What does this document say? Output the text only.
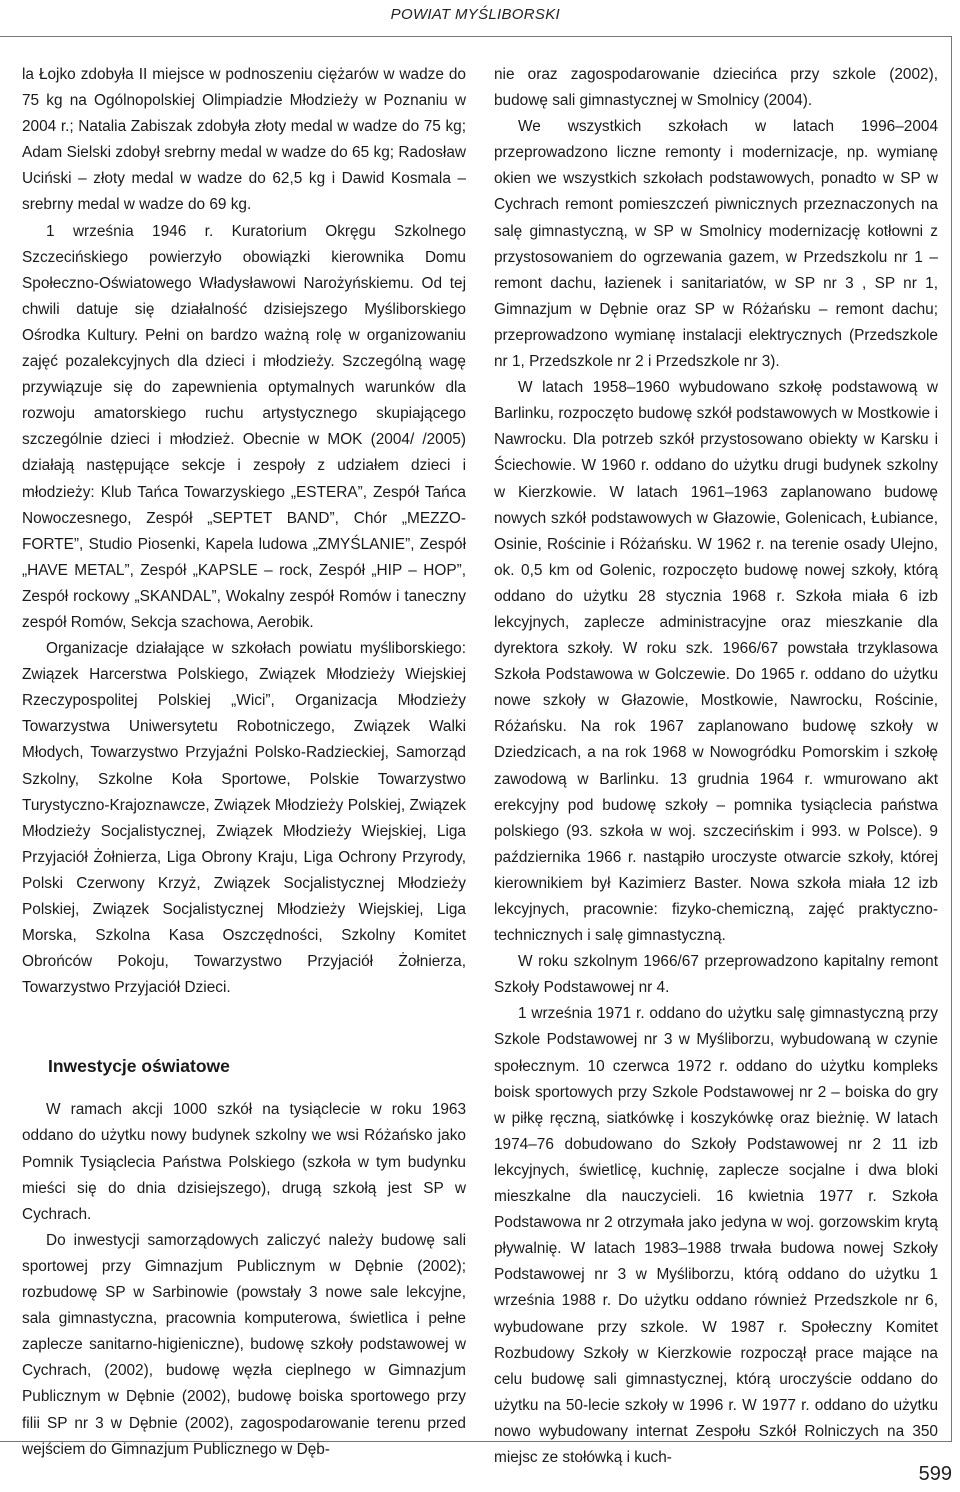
POWIAT MYŚLIBORSKI

la Łojko zdobyła II miejsce w podnoszeniu ciężarów w wadze do 75 kg na Ogólnopolskiej Olimpiadzie Młodzieży w Poznaniu w 2004 r.; Natalia Zabiszak zdobyła złoty medal w wadze do 75 kg; Adam Sielski zdobył srebrny medal w wadze do 65 kg; Radosław Uciński – złoty medal w wadze do 62,5 kg i Dawid Kosmala – srebrny medal w wadze do 69 kg.

1 września 1946 r. Kuratorium Okręgu Szkolnego Szczecińskiego powierzyło obowiązki kierownika Domu Społeczno-Oświatowego Władysławowi Narożyńskiemu. Od tej chwili datuje się działalność dzisiejszego Myśliborskiego Ośrodka Kultury. Pełni on bardzo ważną rolę w organizowaniu zajęć pozalekcyjnych dla dzieci i młodzieży. Szczególną wagę przywiązuje się do zapewnienia optymalnych warunków dla rozwoju amatorskiego ruchu artystycznego skupiającego szczególnie dzieci i młodzież. Obecnie w MOK (2004/ /2005) działają następujące sekcje i zespoły z udziałem dzieci i młodzieży: Klub Tańca Towarzyskiego „ESTERA”, Zespół Tańca Nowoczesnego, Zespół „SEPTET BAND”, Chór „MEZZO-FORTE”, Studio Piosenki, Kapela ludowa „ZMYŚLANIE”, Zespół „HAVE METAL”, Zespół „KAPSLE – rock, Zespół „HIP – HOP”, Zespół rockowy „SKANDAL”, Wokalny zespół Romów i taneczny zespół Romów, Sekcja szachowa, Aerobik.

Organizacje działające w szkołach powiatu myśliborskiego: Związek Harcerstwa Polskiego, Związek Młodzieży Wiejskiej Rzeczypospolitej Polskiej „Wici”, Organizacja Młodzieży Towarzystwa Uniwersytetu Robotniczego, Związek Walki Młodych, Towarzystwo Przyjaźni Polsko-Radzieckiej, Samorząd Szkolny, Szkolne Koła Sportowe, Polskie Towarzystwo Turystyczno-Krajoznawcze, Związek Młodzieży Polskiej, Związek Młodzieży Socjalistycznej, Związek Młodzieży Wiejskiej, Liga Przyjaciół Żołnierza, Liga Obrony Kraju, Liga Ochrony Przyrody, Polski Czerwony Krzyż, Związek Socjalistycznej Młodzieży Polskiej, Związek Socjalistycznej Młodzieży Wiejskiej, Liga Morska, Szkolna Kasa Oszczędności, Szkolny Komitet Obrońców Pokoju, Towarzystwo Przyjaciół Żołnierza, Towarzystwo Przyjaciół Dzieci.

Inwestycje oświatowe

W ramach akcji 1000 szkół na tysiąclecie w roku 1963 oddano do użytku nowy budynek szkolny we wsi Różańsko jako Pomnik Tysiąclecia Państwa Polskiego (szkoła w tym budynku mieści się do dnia dzisiejszego), drugą szkołą jest SP w Cychrach.

Do inwestycji samorządowych zaliczyć należy budowę sali sportowej przy Gimnazjum Publicznym w Dębnie (2002); rozbudowę SP w Sarbinowie (powstały 3 nowe sale lekcyjne, sala gimnastyczna, pracownia komputerowa, świetlica i pełne zaplecze sanitarno-higieniczne), budowę szkoły podstawowej w Cychrach, (2002), budowę węzła cieplnego w Gimnazjum Publicznym w Dębnie (2002), budowę boiska sportowego przy filii SP nr 3 w Dębnie (2002), zagospodarowanie terenu przed wejściem do Gimnazjum Publicznego w Dęb-

nie oraz zagospodarowanie dziecińca przy szkole (2002), budowę sali gimnastycznej w Smolnicy (2004).

We wszystkich szkołach w latach 1996–2004 przeprowadzono liczne remonty i modernizacje, np. wymianę okien we wszystkich szkołach podstawowych, ponadto w SP w Cychrach remont pomieszczeń piwnicznych przeznaczonych na salę gimnastyczną, w SP w Smolnicy modernizację kotłowni z przystosowaniem do ogrzewania gazem, w Przedszkolu nr 1 – remont dachu, łazienek i sanitariatów, w SP nr 3 , SP nr 1, Gimnazjum w Dębnie oraz SP w Różańsku – remont dachu; przeprowadzono wymianę instalacji elektrycznych (Przedszkole nr 1, Przedszkole nr 2 i Przedszkole nr 3).

W latach 1958–1960 wybudowano szkołę podstawową w Barlinku, rozpoczęto budowę szkół podstawowych w Mostkowie i Nawrocku. Dla potrzeb szkół przystosowano obiekty w Karsku i Ściechowie. W 1960 r. oddano do użytku drugi budynek szkolny w Kierzkowie. W latach 1961–1963 zaplanowano budowę nowych szkół podstawowych w Głazowie, Golenicach, Łubiance, Osinie, Rościnie i Różańsku. W 1962 r. na terenie osady Ulejno, ok. 0,5 km od Golenic, rozpoczęto budowę nowej szkoły, którą oddano do użytku 28 stycznia 1968 r. Szkoła miała 6 izb lekcyjnych, zaplecze administracyjne oraz mieszkanie dla dyrektora szkoły. W roku szk. 1966/67 powstała trzyklasowa Szkoła Podstawowa w Golczewie. Do 1965 r. oddano do użytku nowe szkoły w Głazowie, Mostkowie, Nawrocku, Rościnie, Różańsku. Na rok 1967 zaplanowano budowę szkoły w Dziedzicach, a na rok 1968 w Nowogródku Pomorskim i szkołę zawodową w Barlinku. 13 grudnia 1964 r. wmurowano akt erekcyjny pod budowę szkoły – pomnika tysiąclecia państwa polskiego (93. szkoła w woj. szczecińskim i 993. w Polsce). 9 października 1966 r. nastąpiło uroczyste otwarcie szkoły, której kierownikiem był Kazimierz Baster. Nowa szkoła miała 12 izb lekcyjnych, pracownie: fizyko-chemiczną, zajęć praktyczno-technicznych i salę gimnastyczną.

W roku szkolnym 1966/67 przeprowadzono kapitalny remont Szkoły Podstawowej nr 4.

1 września 1971 r. oddano do użytku salę gimnastyczną przy Szkole Podstawowej nr 3 w Myśliborzu, wybudowaną w czynie społecznym. 10 czerwca 1972 r. oddano do użytku kompleks boisk sportowych przy Szkole Podstawowej nr 2 – boiska do gry w piłkę ręczną, siatkówkę i koszykówkę oraz bieżnię. W latach 1974–76 dobudowano do Szkoły Podstawowej nr 2 11 izb lekcyjnych, świetlicę, kuchnię, zaplecze socjalne i dwa bloki mieszkalne dla nauczycieli. 16 kwietnia 1977 r. Szkoła Podstawowa nr 2 otrzymała jako jedyna w woj. gorzowskim krytą pływalnię. W latach 1983–1988 trwała budowa nowej Szkoły Podstawowej nr 3 w Myśliborzu, którą oddano do użytku 1 września 1988 r. Do użytku oddano również Przedszkole nr 6, wybudowane przy szkole. W 1987 r. Społeczny Komitet Rozbudowy Szkoły w Kierzkowie rozpoczął prace mające na celu budowę sali gimnastycznej, którą uroczyście oddano do użytku na 50-lecie szkoły w 1996 r. W 1977 r. oddano do użytku nowo wybudowany internat Zespołu Szkół Rolniczych na 350 miejsc ze stołówką i kuch-

599
